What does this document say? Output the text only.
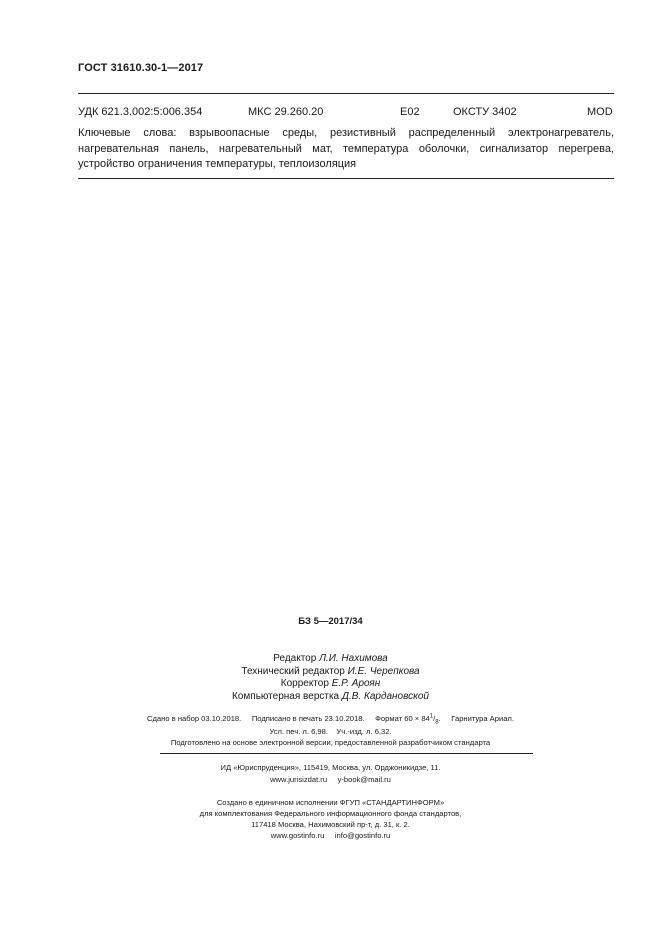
ГОСТ 31610.30-1—2017
УДК 621.3.002:5:006.354	МКС 29.260.20	E02	ОКСТУ 3402	MOD
Ключевые слова: взрывоопасные среды, резистивный распределенный электронагреватель, нагревательная панель, нагревательный мат, температура оболочки, сигнализатор перегрева, устройство ограничения температуры, теплоизоляция
БЗ 5—2017/34
Редактор Л.И. Нахимова
Технический редактор И.Е. Черепкова
Корректор Е.Р. Ароян
Компьютерная верстка Д.В. Кардановской
Сдано в набор 03.10.2018. Подписано в печать 23.10.2018. Формат $60 \times 84^1/_8$. Гарнитура Ариал.
Усл. печ. л. 6,98. Уч.-изд. л. 6,32.
Подготовлено на основе электронной версии, предоставленной разработчиком стандарта
ИД «Юриспруденция», 115419, Москва, ул. Орджоникидзе, 11.
www.jurisizdat.ru y-book@mail.ru
Создано в единичном исполнении ФГУП «СТАНДАРТИНФОРМ»
для комплектования Федерального информационного фонда стандартов,
117418 Москва, Нахимовский пр-т, д. 31, к. 2.
www.gostinfo.ru info@gostinfo.ru
